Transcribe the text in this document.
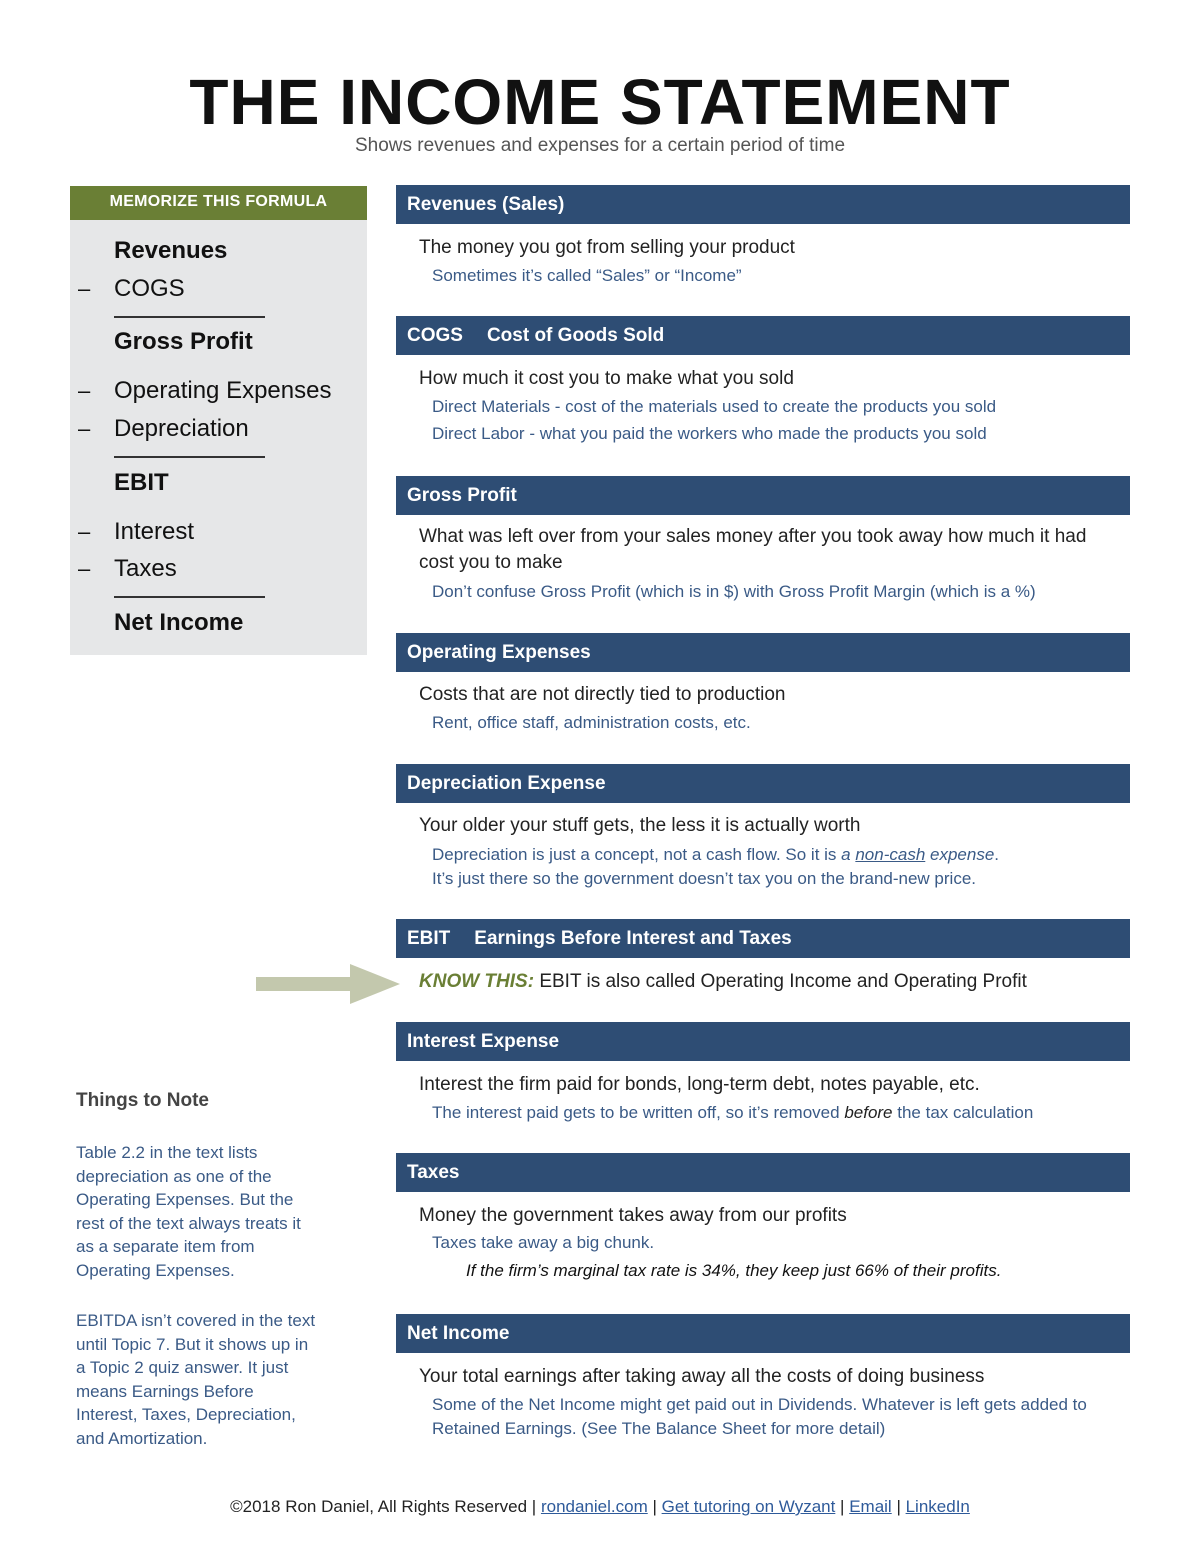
THE INCOME STATEMENT
Shows revenues and expenses for a certain period of time
MEMORIZE THIS FORMULA
Revenues
– COGS
Gross Profit
– Operating Expenses
– Depreciation
EBIT
– Interest
– Taxes
Net Income
Revenues (Sales)
The money you got from selling your product
Sometimes it’s called “Sales” or “Income”
COGS Cost of Goods Sold
How much it cost you to make what you sold
Direct Materials - cost of the materials used to create the products you sold
Direct Labor - what you paid the workers who made the products you sold
Gross Profit
What was left over from your sales money after you took away how much it had cost you to make
Don’t confuse Gross Profit (which is in $) with Gross Profit Margin (which is a %)
Operating Expenses
Costs that are not directly tied to production
Rent, office staff, administration costs, etc.
Depreciation Expense
Your older your stuff gets, the less it is actually worth
Depreciation is just a concept, not a cash flow. So it is a non-cash expense.
It’s just there so the government doesn’t tax you on the brand-new price.
EBIT Earnings Before Interest and Taxes
KNOW THIS: EBIT is also called Operating Income and Operating Profit
Interest Expense
Interest the firm paid for bonds, long-term debt, notes payable, etc.
The interest paid gets to be written off, so it’s removed before the tax calculation
Taxes
Money the government takes away from our profits
Taxes take away a big chunk.
If the firm’s marginal tax rate is 34%, they keep just 66% of their profits.
Net Income
Your total earnings after taking away all the costs of doing business
Some of the Net Income might get paid out in Dividends. Whatever is left gets added to Retained Earnings. (See The Balance Sheet for more detail)
Things to Note
Table 2.2 in the text lists depreciation as one of the Operating Expenses. But the rest of the text always treats it as a separate item from Operating Expenses.
EBITDA isn’t covered in the text until Topic 7. But it shows up in a Topic 2 quiz answer. It just means Earnings Before Interest, Taxes, Depreciation, and Amortization.
©2018 Ron Daniel, All Rights Reserved | rondaniel.com | Get tutoring on Wyzant | Email | LinkedIn
